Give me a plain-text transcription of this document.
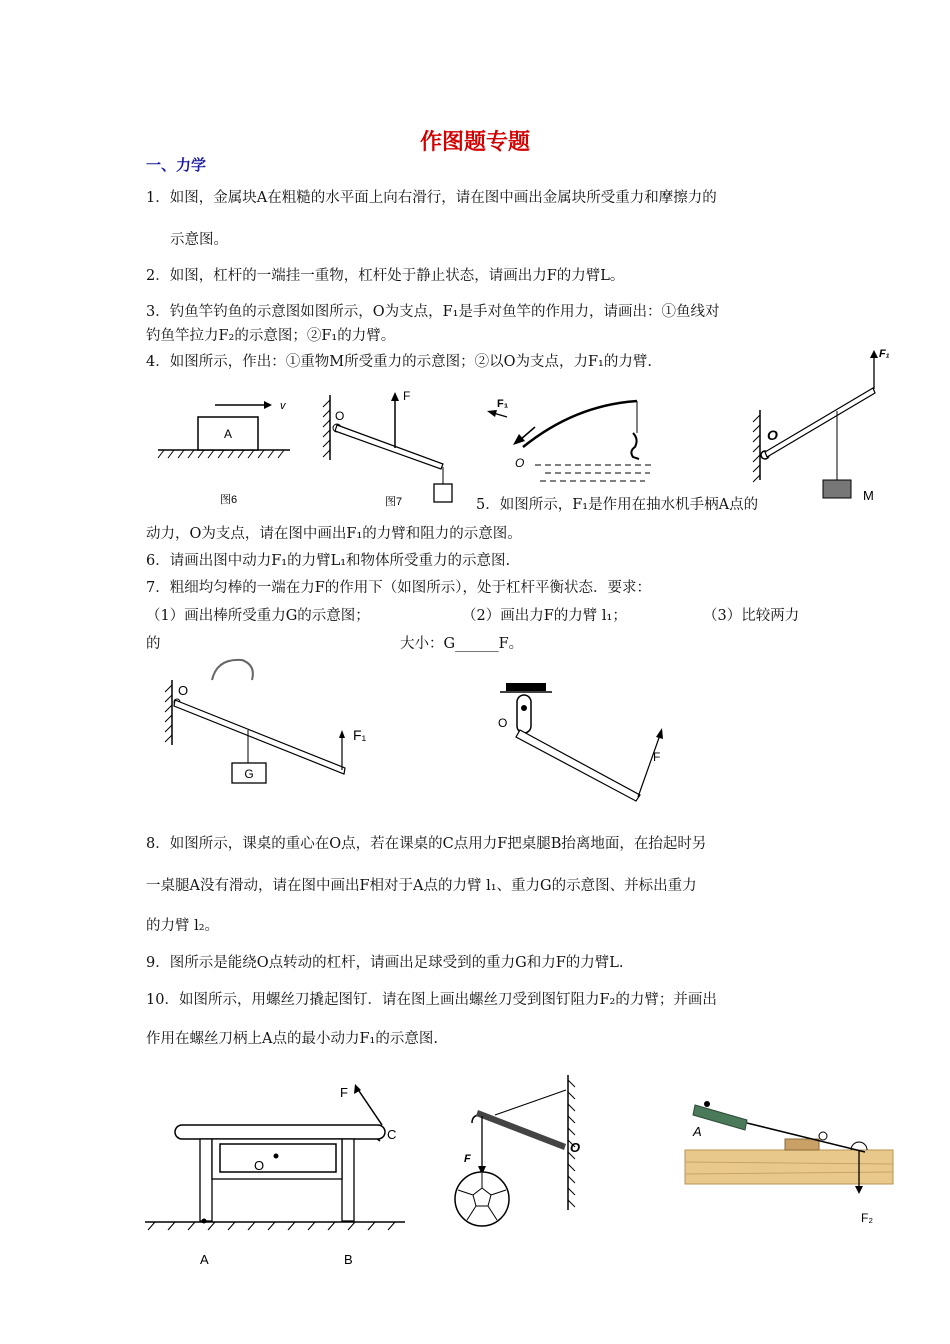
作图题专题
一、力学
1．如图，金属块A在粗糙的水平面上向右滑行，请在图中画出金属块所受重力和摩擦力的
示意图。
2．如图，杠杆的一端挂一重物，杠杆处于静止状态，请画出力F的力臂L。
3．钓鱼竿钓鱼的示意图如图所示，O为支点，F₁是手对鱼竿的作用力，请画出：①鱼线对
钓鱼竿拉力F₂的示意图；②F₁的力臂。
4．如图所示，作出：①重物M所受重力的示意图；②以O为支点，力F₁的力臂.
A
v
图6
O
F
图7
F₁
O
O
F₁
M
5．如图所示，F₁是作用在抽水机手柄A点的
动力，O为支点，请在图中画出F₁的力臂和阻力的示意图。
6．请画出图中动力F₁的力臂L₁和物体所受重力的示意图.
7．粗细均匀棒的一端在力F的作用下（如图所示），处于杠杆平衡状态．要求：
（1）画出棒所受重力G的示意图；	（2）画出力F的力臂 l₁；	（3）比较两力
的	大小：G______F。
O
F₁
G
O
F
8．如图所示，课桌的重心在O点，若在课桌的C点用力F把桌腿B抬离地面，在抬起时另
一桌腿A没有滑动，请在图中画出F相对于A点的力臂 l₁、重力G的示意图、并标出重力
的力臂 l₂。
9．图所示是能绕O点转动的杠杆，请画出足球受到的重力G和力F的力臂L.
10．如图所示，用螺丝刀撬起图钉．请在图上画出螺丝刀受到图钉阻力F₂的力臂；并画出
作用在螺丝刀柄上A点的最小动力F₁的示意图.
F
C
O
A	B
O
F
A
F₂
